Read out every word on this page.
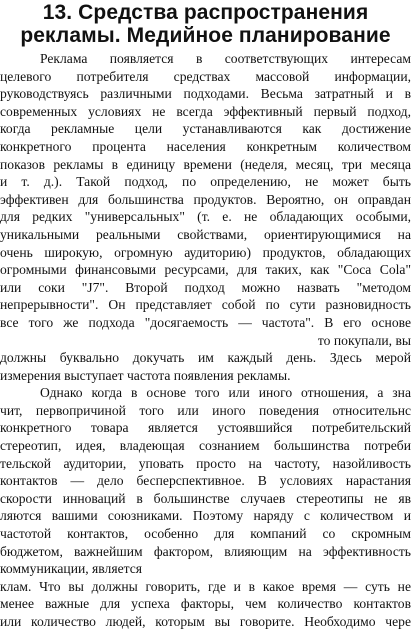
13. Средства распространения
рекламы. Медийное планирование
Реклама появляется в соответствующих интересам
целевого потребителя средствах массовой информации,
руководствуясь различными подходами. Весьма затратный и в
современных условиях не всегда эффективный первый подход,
когда рекламные цели устанавливаются как достижение
конкретного процента населения конкретным количеством
показов рекламы в единицу времени (неделя, месяц, три месяца
и т. д.). Такой подход, по определению, не может быть
эффективен для большинства продуктов. Вероятно, он оправдан
для редких "универсальных" (т. е. не обладающих особыми,
уникальными реальными свойствами, ориентирующимися на
очень широкую, огромную аудиторию) продуктов, обладающих
огромными финансовыми ресурсами, для таких, как "Coca Cola"
или соки "J7". Второй подход можно назвать "методом
непрерывности". Он представляет собой по сути разновидность
все того же подхода "досягаемость — частота". В его основе
то покупали, вы
должны буквально докучать им каждый день. Здесь мерой
измерения выступает частота появления рекламы.
Однако когда в основе того или иного отношения, а зна
чит, первопричиной того или иного поведения относительнс
конкретного товара является устоявшийся потребительский
стереотип, идея, владеющая сознанием большинства потреби
тельской аудитории, уповать просто на частоту, назойливость
контактов — дело бесперспективное. В условиях нарастания
скорости инноваций в большинстве случаев стереотипы не яв
ляются вашими союзниками. Поэтому наряду с количеством и
частотой контактов, особенно для компаний со скромным
бюджетом, важнейшим фактором, влияющим на эффективность
коммуникации, является
клам. Что вы должны говорить, где и в какое время — суть не
менее важные для успеха факторы, чем количество контактов
или количество людей, которым вы говорите. Необходимо чере
